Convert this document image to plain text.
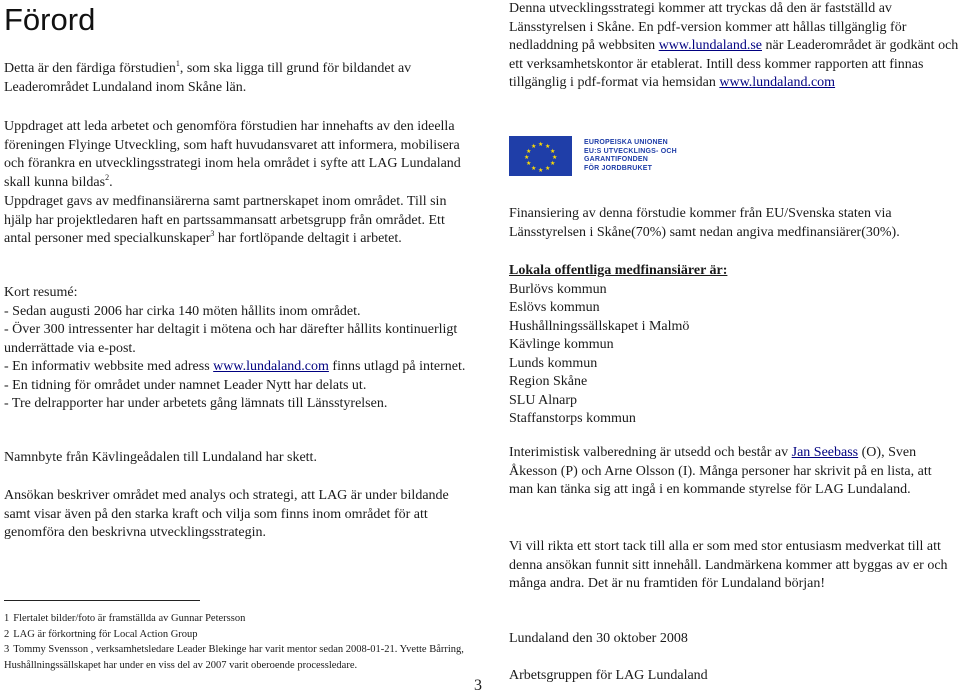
Förord

Detta är den färdiga förstudien$^1$, som ska ligga till grund för bildandet av Leaderområdet Lundaland inom Skåne län.

Uppdraget att leda arbetet och genomföra förstudien har innehafts av den ideella föreningen Flyinge Utveckling, som haft huvudansvaret att informera, mobilisera och förankra en utvecklingsstrategi inom hela området i syfte att LAG Lundaland skall kunna bildas$^2$.

Uppdraget gavs av medfinansiärerna samt partnerskapet inom området. Till sin hjälp har projektledaren haft en partssammansatt arbetsgrupp från området. Ett antal personer med specialkunskaper$^3$ har fortlöpande deltagit i arbetet.

Kort resumé:
- Sedan augusti 2006 har cirka 140 möten hållits inom området.
- Över 300 intressenter har deltagit i mötena och har därefter hållits kontinuerligt underrättade via e-post.
- En informativ webbsite med adress www.lundaland.com finns utlagd på internet.
- En tidning för området under namnet Leader Nytt har delats ut.
- Tre delrapporter har under arbetets gång lämnats till Länsstyrelsen.

Namnbyte från Kävlingeådalen till Lundaland har skett.

Ansökan beskriver området med analys och strategi, att LAG är under bildande samt visar även på den starka kraft och vilja som finns inom området för att genomföra den beskrivna utvecklingsstrategin.

1 Flertalet bilder/foto är framställda av Gunnar Petersson
2 LAG är förkortning för Local Action Group
3 Tommy Svensson , verksamhetsledare Leader Blekinge har varit mentor sedan 2008-01-21. Yvette Bårring, Hushållningssällskapet har under en viss del av 2007 varit oberoende processledare.
3

Denna utvecklingsstrategi kommer att tryckas då den är fastställd av Länsstyrelsen i Skåne. En pdf-version kommer att hållas tillgänglig för nedladdning på webbsiten www.lundaland.se när Leaderområdet är godkänt och ett verksamhetskontor är etablerat. Intill dess kommer rapporten att finnas tillgänglig i pdf-format via hemsidan www.lundaland.com

★ ★
★
★
★
★
★
★
★
★
★
★
EUROPEISKA UNIONEN
EU:S UTVECKLINGS- OCH
GARANTIFONDEN
FÖR JORDBRUKET

Finansiering av denna förstudie kommer från EU/Svenska staten via Länsstyrelsen i Skåne(70%) samt nedan angiva medfinansiärer(30%).

Lokala offentliga medfinansiärer är:
Burlövs kommun
Eslövs kommun
Hushållningssällskapet i Malmö
Kävlinge kommun
Lunds kommun
Region Skåne
SLU Alnarp
Staffanstorps kommun

Interimistisk valberedning är utsedd och består av Jan Seebass (O), Sven Åkesson (P) och Arne Olsson (I). Många personer har skrivit på en lista, att man kan tänka sig att ingå i en kommande styrelse för LAG Lundaland.

Vi vill rikta ett stort tack till alla er som med stor entusiasm medverkat till att denna ansökan funnit sitt innehåll. Landmärkena kommer att byggas av er och många andra. Det är nu framtiden för Lundaland början!

Lundaland den 30 oktober 2008

Arbetsgruppen för LAG Lundaland
